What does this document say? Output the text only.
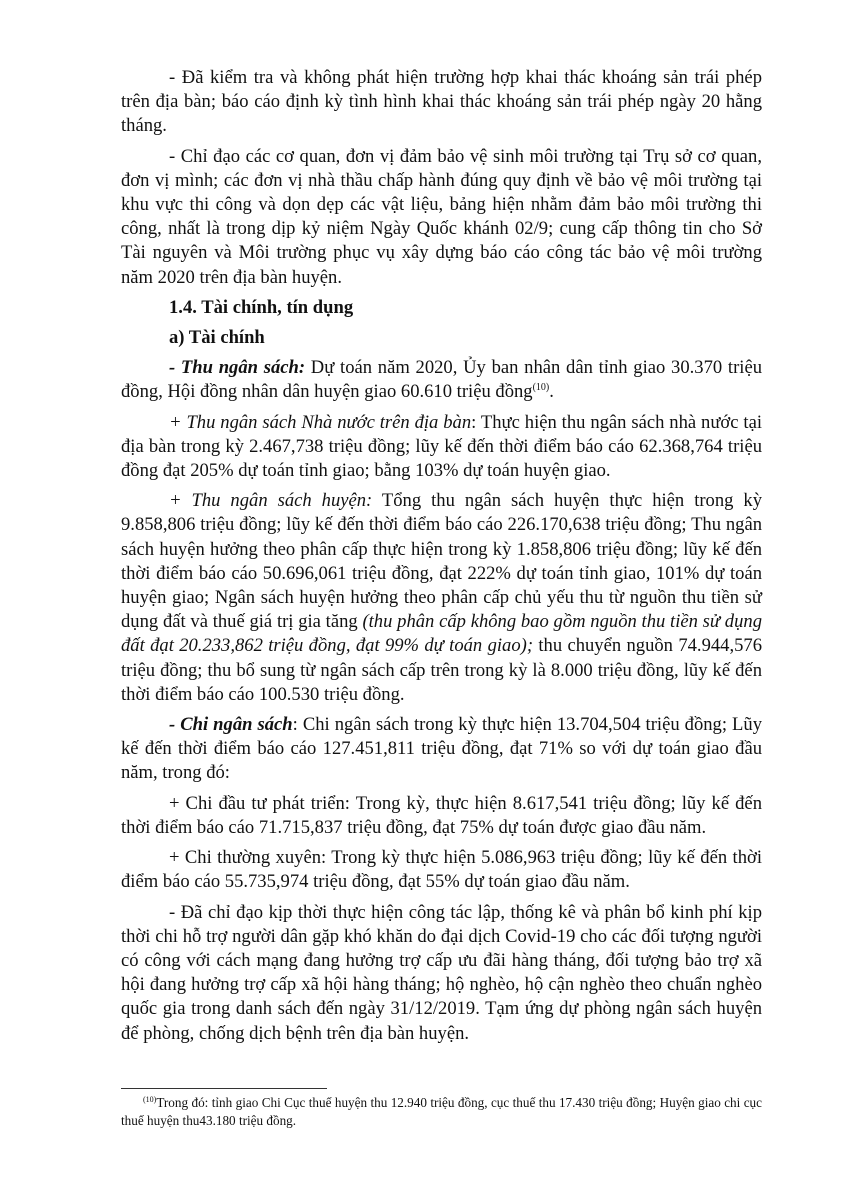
- Đã kiểm tra và không phát hiện trường hợp khai thác khoáng sản trái phép trên địa bàn; báo cáo định kỳ tình hình khai thác khoáng sản trái phép ngày 20 hằng tháng.

- Chỉ đạo các cơ quan, đơn vị đảm bảo vệ sinh môi trường tại Trụ sở cơ quan, đơn vị mình; các đơn vị nhà thầu chấp hành đúng quy định về bảo vệ môi trường tại khu vực thi công và dọn dẹp các vật liệu, bảng hiện nhằm đảm bảo môi trường thi công, nhất là trong dịp kỷ niệm Ngày Quốc khánh 02/9; cung cấp thông tin cho Sở Tài nguyên và Môi trường phục vụ xây dựng báo cáo công tác bảo vệ môi trường năm 2020 trên địa bàn huyện.

1.4. Tài chính, tín dụng

a) Tài chính

- Thu ngân sách: Dự toán năm 2020, Ủy ban nhân dân tỉnh giao 30.370 triệu đồng, Hội đồng nhân dân huyện giao 60.610 triệu đồng$^{(10)}$.

+ Thu ngân sách Nhà nước trên địa bàn: Thực hiện thu ngân sách nhà nước tại địa bàn trong kỳ 2.467,738 triệu đồng; lũy kế đến thời điểm báo cáo 62.368,764 triệu đồng đạt 205% dự toán tỉnh giao; bằng 103% dự toán huyện giao.

+ Thu ngân sách huyện: Tổng thu ngân sách huyện thực hiện trong kỳ 9.858,806 triệu đồng; lũy kế đến thời điểm báo cáo 226.170,638 triệu đồng; Thu ngân sách huyện hưởng theo phân cấp thực hiện trong kỳ 1.858,806 triệu đồng; lũy kế đến thời điểm báo cáo 50.696,061 triệu đồng, đạt 222% dự toán tỉnh giao, 101% dự toán huyện giao; Ngân sách huyện hưởng theo phân cấp chủ yếu thu từ nguồn thu tiền sử dụng đất và thuế giá trị gia tăng (thu phân cấp không bao gồm nguồn thu tiền sử dụng đất đạt 20.233,862 triệu đồng, đạt 99% dự toán giao); thu chuyển nguồn 74.944,576 triệu đồng; thu bổ sung từ ngân sách cấp trên trong kỳ là 8.000 triệu đồng, lũy kế đến thời điểm báo cáo 100.530 triệu đồng.

- Chi ngân sách: Chi ngân sách trong kỳ thực hiện 13.704,504 triệu đồng; Lũy kế đến thời điểm báo cáo 127.451,811 triệu đồng, đạt 71% so với dự toán giao đầu năm, trong đó:

+ Chi đầu tư phát triển: Trong kỳ, thực hiện 8.617,541 triệu đồng; lũy kế đến thời điểm báo cáo 71.715,837 triệu đồng, đạt 75% dự toán được giao đầu năm.

+ Chi thường xuyên: Trong kỳ thực hiện 5.086,963 triệu đồng; lũy kế đến thời điểm báo cáo 55.735,974 triệu đồng, đạt 55% dự toán giao đầu năm.

- Đã chỉ đạo kịp thời thực hiện công tác lập, thống kê và phân bổ kinh phí kịp thời chi hỗ trợ người dân gặp khó khăn do đại dịch Covid-19 cho các đối tượng người có công với cách mạng đang hưởng trợ cấp ưu đãi hàng tháng, đối tượng bảo trợ xã hội đang hưởng trợ cấp xã hội hàng tháng; hộ nghèo, hộ cận nghèo theo chuẩn nghèo quốc gia trong danh sách đến ngày 31/12/2019. Tạm ứng dự phòng ngân sách huyện để phòng, chống dịch bệnh trên địa bàn huyện.

$^{(10)}$Trong đó: tỉnh giao Chi Cục thuế huyện thu 12.940 triệu đồng, cục thuế thu 17.430 triệu đồng; Huyện giao chi cục thuế huyện thu43.180 triệu đồng.
